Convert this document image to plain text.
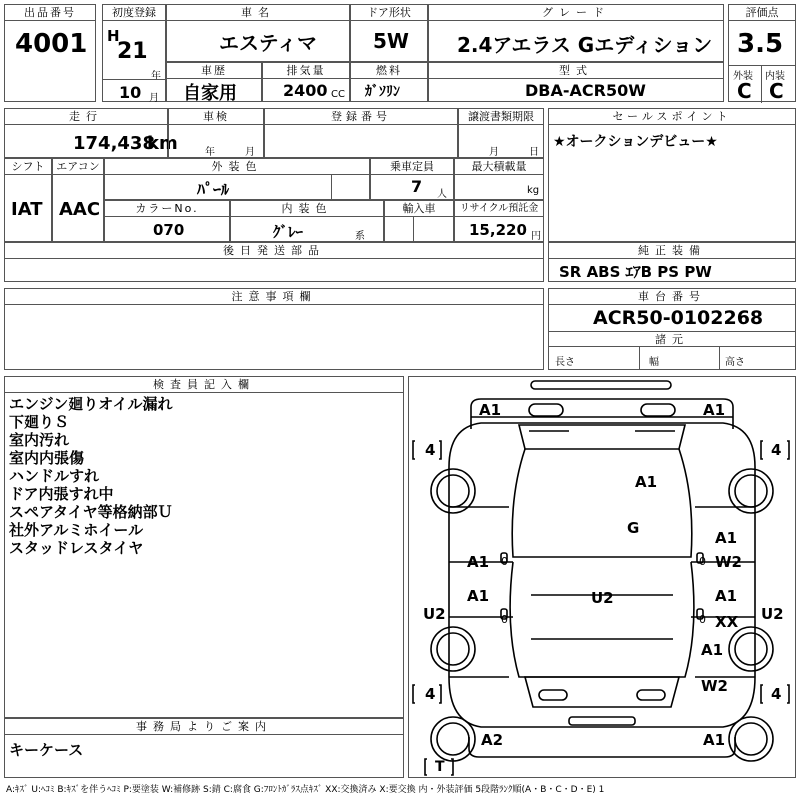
出品番号
4001
初度登録
H
21
年
10 月
車名
エスティマ
ドア形状
5W
グレード
2.4アエラス Gエディション
評価点
3.5
外装 内装
C C
車歴
自家用
排気量
2400 CC
燃料
ｶﾞｿﾘﾝ
型式
DBA-ACR50W
走行
174,438
km
車検
年	月
登録番号	譲渡書類期限
月	日
セールスポイント
★オークションデビュー★
シフト
IAT
エアコン
AAC
外装色
ﾊﾟｰﾙ
乗車定員
7 人
最大積載量
kg
カラーNo.
070
内装色
ｸﾞﾚｰ	系
輸入車	リサイクル預託金
15,220 円
後日発送部品	純正装備
SR ABS ｴｱB PS PW
注意事項欄	車台番号
ACR50-0102268
諸元
長さ	幅	高さ
検査員記入欄
エンジン廻りオイル漏れ
下廻りＳ
室内汚れ
室内内張傷
ハンドルすれ
ドア内張すれ中
スペアタイヤ等格納部Ｕ
社外アルミホイール
スタッドレスタイヤ
事務局よりご案内
キーケース
A1	A1
A1
G
A1
A1
W2
A1	A1
XX
U2
U2	U2
A1
W2
A2	A1
4	4
4	4
T
0	0
0	0
A:ｷｽﾞ U:ﾍｺﾐ B:ｷｽﾞを伴うﾍｺﾐ P:要塗装 W:補修跡 S:錆 C:腐食 G:ﾌﾛﾝﾄｶﾞﾗｽ点ｷｽﾞ XX:交換済み X:要交換 内・外装評価 5段階ﾗﾝｸ順(A・B・C・D・E) 1
